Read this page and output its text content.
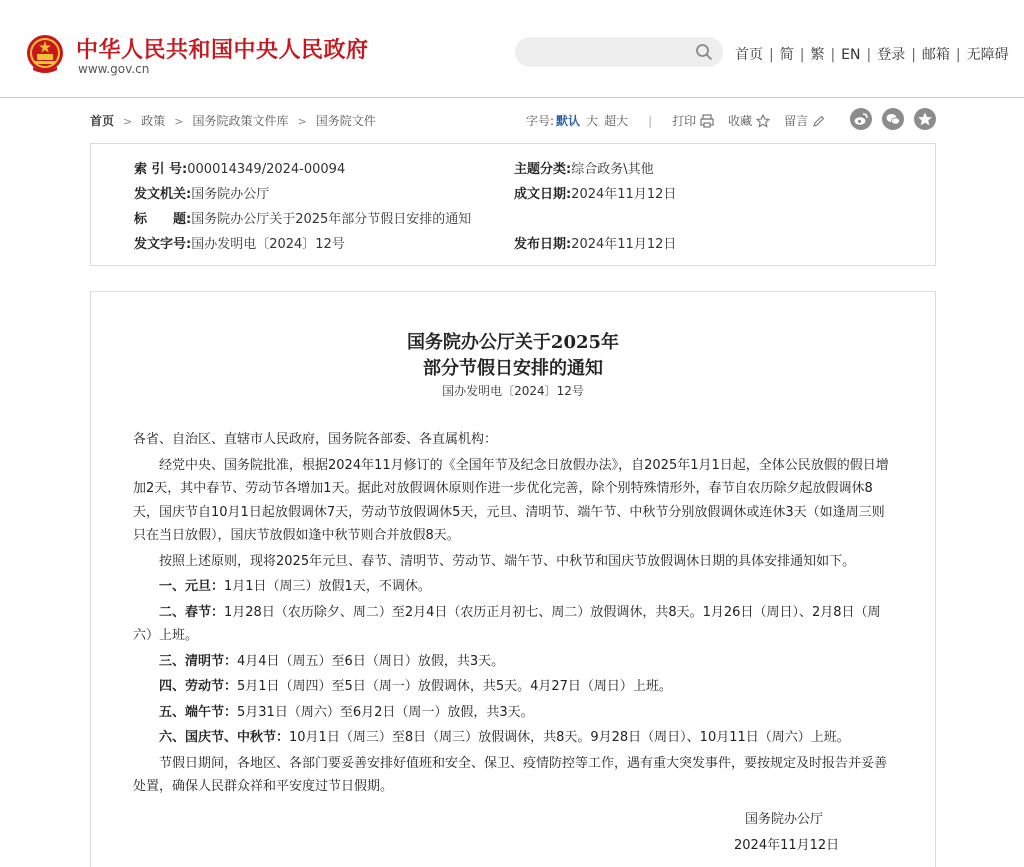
中华人民共和国中央人民政府
www.gov.cn
首页 | 简 | 繁 | EN | 登录 | 邮箱 | 无障碍
首页 > 政策 > 国务院政策文件库 > 国务院文件	字号: 默认 大 超大 | 打印	收藏	留言

索 引 号:000014349/2024-00094	主题分类:综合政务\其他
发文机关:国务院办公厅	成文日期:2024年11月12日
标　　题:国务院办公厅关于2025年部分节假日安排的通知
发文字号:国办发明电〔2024〕12号	发布日期:2024年11月12日
国务院办公厅关于2025年
部分节假日安排的通知
国办发明电〔2024〕12号

各省、自治区、直辖市人民政府，国务院各部委、各直属机构：

经党中央、国务院批准，根据2024年11月修订的《全国年节及纪念日放假办法》，自2025年1月1日起，全体公民放假的假日增加2天，其中春节、劳动节各增加1天。据此对放假调休原则作进一步优化完善，除个别特殊情形外，春节自农历除夕起放假调休8天，国庆节自10月1日起放假调休7天，劳动节放假调休5天，元旦、清明节、端午节、中秋节分别放假调休或连休3天（如逢周三则只在当日放假），国庆节放假如逢中秋节则合并放假8天。

按照上述原则，现将2025年元旦、春节、清明节、劳动节、端午节、中秋节和国庆节放假调休日期的具体安排通知如下。

一、元旦：1月1日（周三）放假1天，不调休。

二、春节：1月28日（农历除夕、周二）至2月4日（农历正月初七、周二）放假调休，共8天。1月26日（周日）、2月8日（周六）上班。

三、清明节：4月4日（周五）至6日（周日）放假，共3天。

四、劳动节：5月1日（周四）至5日（周一）放假调休，共5天。4月27日（周日）上班。

五、端午节：5月31日（周六）至6月2日（周一）放假，共3天。

六、国庆节、中秋节：10月1日（周三）至8日（周三）放假调休，共8天。9月28日（周日）、10月11日（周六）上班。

节假日期间，各地区、各部门要妥善安排好值班和安全、保卫、疫情防控等工作，遇有重大突发事件，要按规定及时报告并妥善处置，确保人民群众祥和平安度过节日假期。

国务院办公厅
2024年11月12日
